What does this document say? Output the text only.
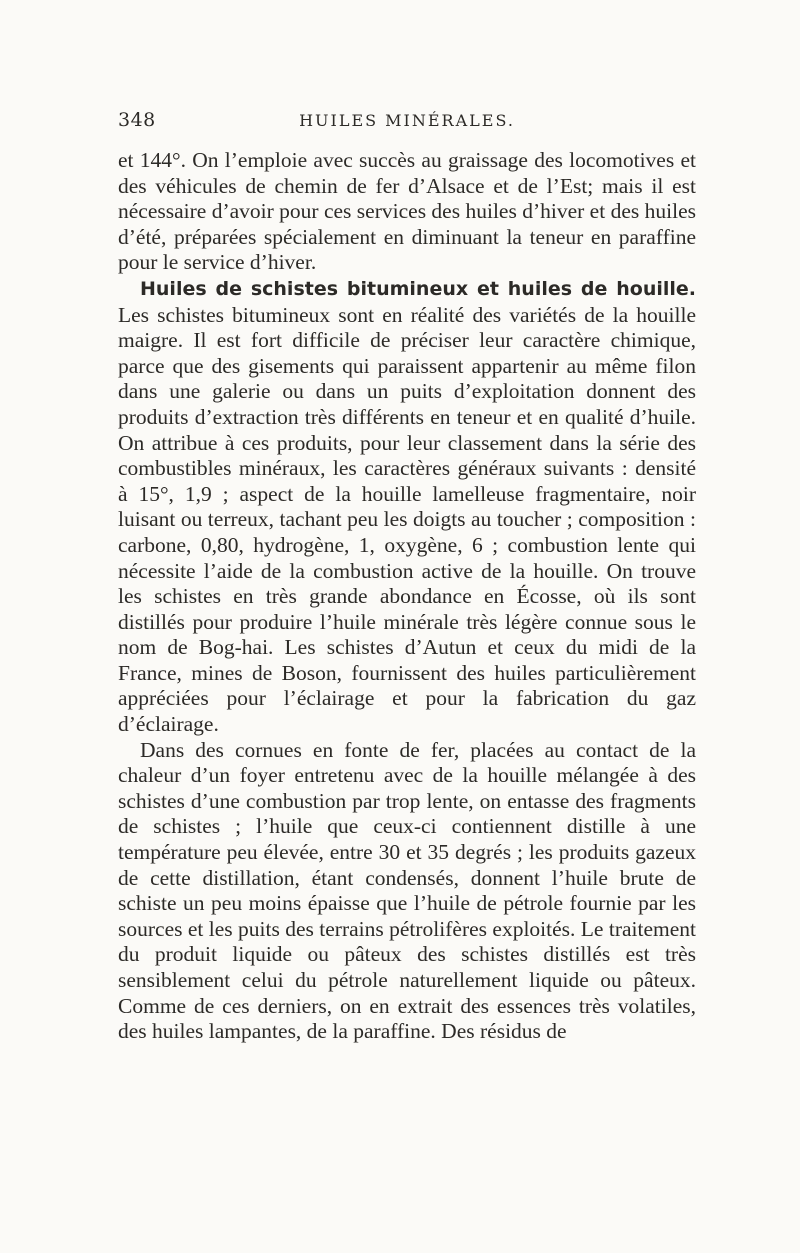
348	HUILES MINÉRALES.

et 144°. On l’emploie avec succès au graissage des locomotives et des véhicules de chemin de fer d’Alsace et de l’Est; mais il est nécessaire d’avoir pour ces services des huiles d’hiver et des huiles d’été, préparées spécialement en diminuant la teneur en paraffine pour le service d’hiver.

Huiles de schistes bitumineux et huiles de houille. Les schistes bitumineux sont en réalité des variétés de la houille maigre. Il est fort difficile de préciser leur caractère chimique, parce que des gisements qui paraissent appartenir au même filon dans une galerie ou dans un puits d’exploitation donnent des produits d’extraction très différents en teneur et en qualité d’huile. On attribue à ces produits, pour leur classement dans la série des combustibles minéraux, les caractères généraux suivants : densité à 15°, 1,9 ; aspect de la houille lamelleuse fragmentaire, noir luisant ou terreux, tachant peu les doigts au toucher ; composition : carbone, 0,80, hydrogène, 1, oxygène, 6 ; combustion lente qui nécessite l’aide de la combustion active de la houille. On trouve les schistes en très grande abondance en Écosse, où ils sont distillés pour produire l’huile minérale très légère connue sous le nom de Bog-hai. Les schistes d’Autun et ceux du midi de la France, mines de Boson, fournissent des huiles particulièrement appréciées pour l’éclairage et pour la fabrication du gaz d’éclairage.

Dans des cornues en fonte de fer, placées au contact de la chaleur d’un foyer entretenu avec de la houille mélangée à des schistes d’une combustion par trop lente, on entasse des fragments de schistes ; l’huile que ceux-ci contiennent distille à une température peu élevée, entre 30 et 35 degrés ; les produits gazeux de cette distillation, étant condensés, donnent l’huile brute de schiste un peu moins épaisse que l’huile de pétrole fournie par les sources et les puits des terrains pétrolifères exploités. Le traitement du produit liquide ou pâteux des schistes distillés est très sensiblement celui du pétrole naturellement liquide ou pâteux. Comme de ces derniers, on en extrait des essences très volatiles, des huiles lampantes, de la paraffine. Des résidus de
